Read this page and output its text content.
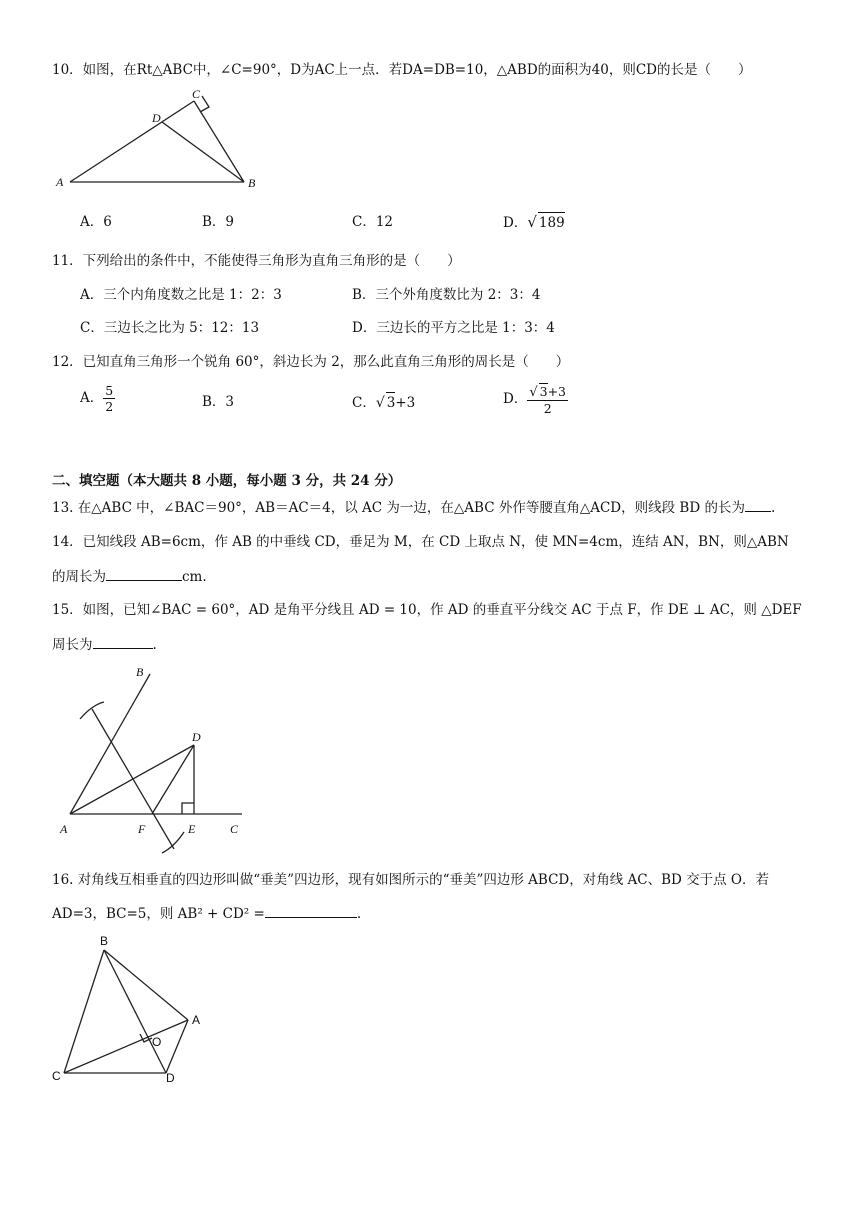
10．如图，在Rt△ABC中，∠C=90°，D为AC上一点．若DA=DB=10，△ABD的面积为40，则CD的长是（　　）
A	B
C
D
A．6	B．9	C．12	D．√ 189
11．下列给出的条件中，不能使得三角形为直角三角形的是（　　）
A．三个内角度数之比是 1：2：3	B．三个外角度数比为 2：3：4
C．三边长之比为 5：12：13	D．三边长的平方之比是 1：3：4
12．已知直角三角形一个锐角 60°，斜边长为 2，那么此直角三角形的周长是（　　）
A． $\frac{5}{2}$	B．3	C．√ 3+3	D． $\frac{√ 3+3}{2}$
二、填空题（本大题共 8 小题，每小题 3 分，共 24 分）
13. 在△ABC 中，∠BAC＝90°，AB＝AC＝4，以 AC 为一边，在△ABC 外作等腰直角△ACD，则线段 BD 的长为 .
14．已知线段 AB=6cm，作 AB 的中垂线 CD，垂足为 M，在 CD 上取点 N，使 MN=4cm，连结 AN，BN，则△ABN
的周长为	cm.
15．如图，已知∠BAC = 60°，AD 是角平分线且 AD = 10，作 AD 的垂直平分线交 AC 于点 F，作 DE ⊥ AC，则 △DEF
周长为	.
B
D
A	F	E	C
16. 对角线互相垂直的四边形叫做“垂美”四边形，现有如图所示的“垂美”四边形 ABCD，对角线 AC、BD 交于点 O．若
AD=3，BC=5，则 AB² + CD² =	.
B
A
O
C	D
